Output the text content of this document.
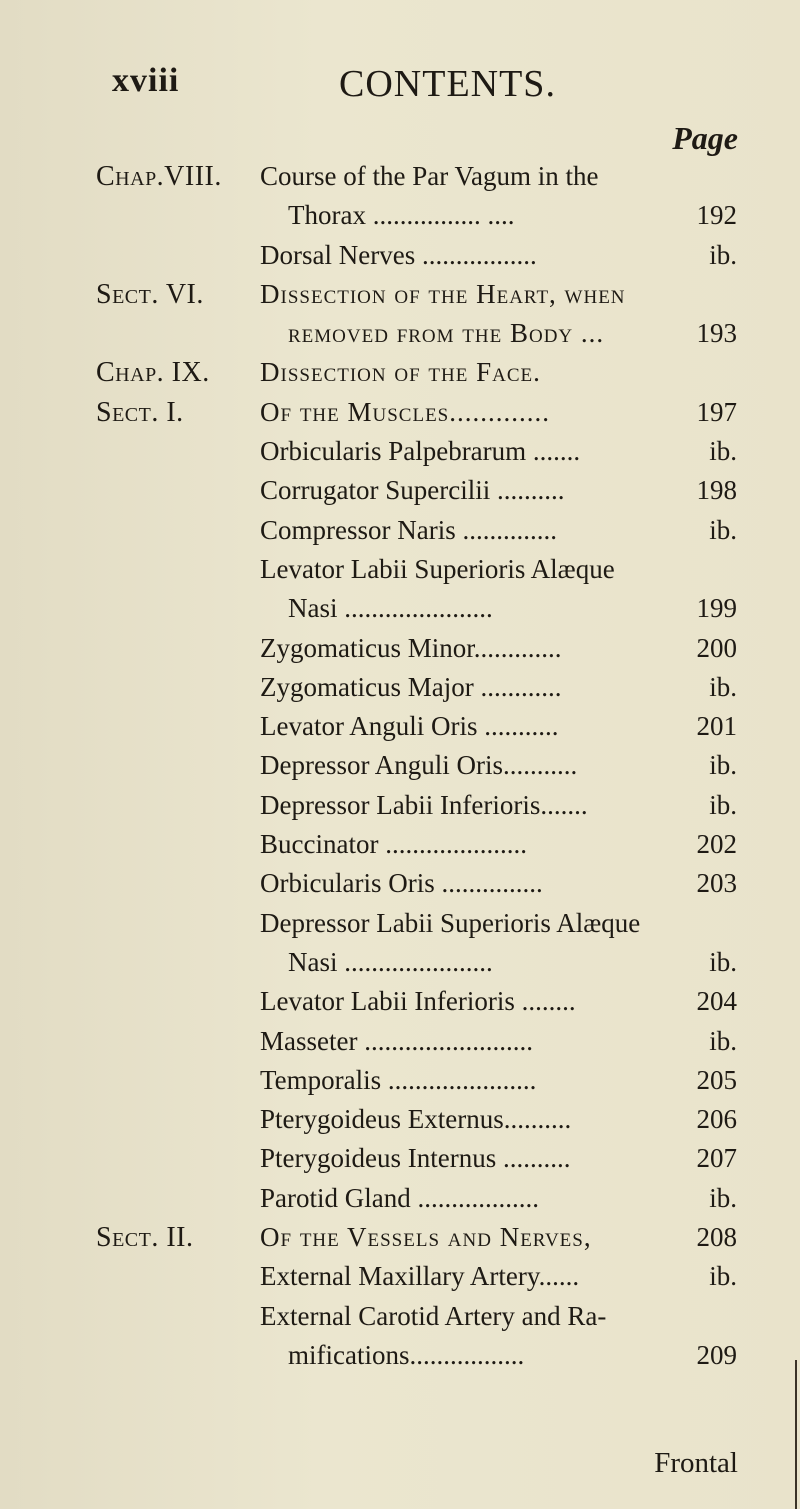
xviii	CONTENTS.
Page
Chap.VIII. Course of the Par Vagum in the
Thorax ................ ....	192
Dorsal Nerves .................	ib.
Sect. VI. Dissection of the Heart, when
removed from the Body ...	193
Chap. IX. Dissection of the Face.
Sect. I.	Of the Muscles.............	197
Orbicularis Palpebrarum .......	ib.
Corrugator Supercilii ..........	198
Compressor Naris ..............	ib.
Levator Labii Superioris Alæque
Nasi ......................	199
Zygomaticus Minor.............	200
Zygomaticus Major ............	ib.
Levator Anguli Oris ...........	201
Depressor Anguli Oris...........	ib.
Depressor Labii Inferioris.......	ib.
Buccinator .....................	202
Orbicularis Oris ...............	203
Depressor Labii Superioris Alæque
Nasi ......................	ib.
Levator Labii Inferioris ........	204
Masseter .........................	ib.
Temporalis ......................	205
Pterygoideus Externus..........	206
Pterygoideus Internus ..........	207
Parotid Gland ..................	ib.
Sect. II. Of the Vessels and Nerves,	208
External Maxillary Artery......	ib.
External Carotid Artery and Ra-
mifications.................	209
Frontal
